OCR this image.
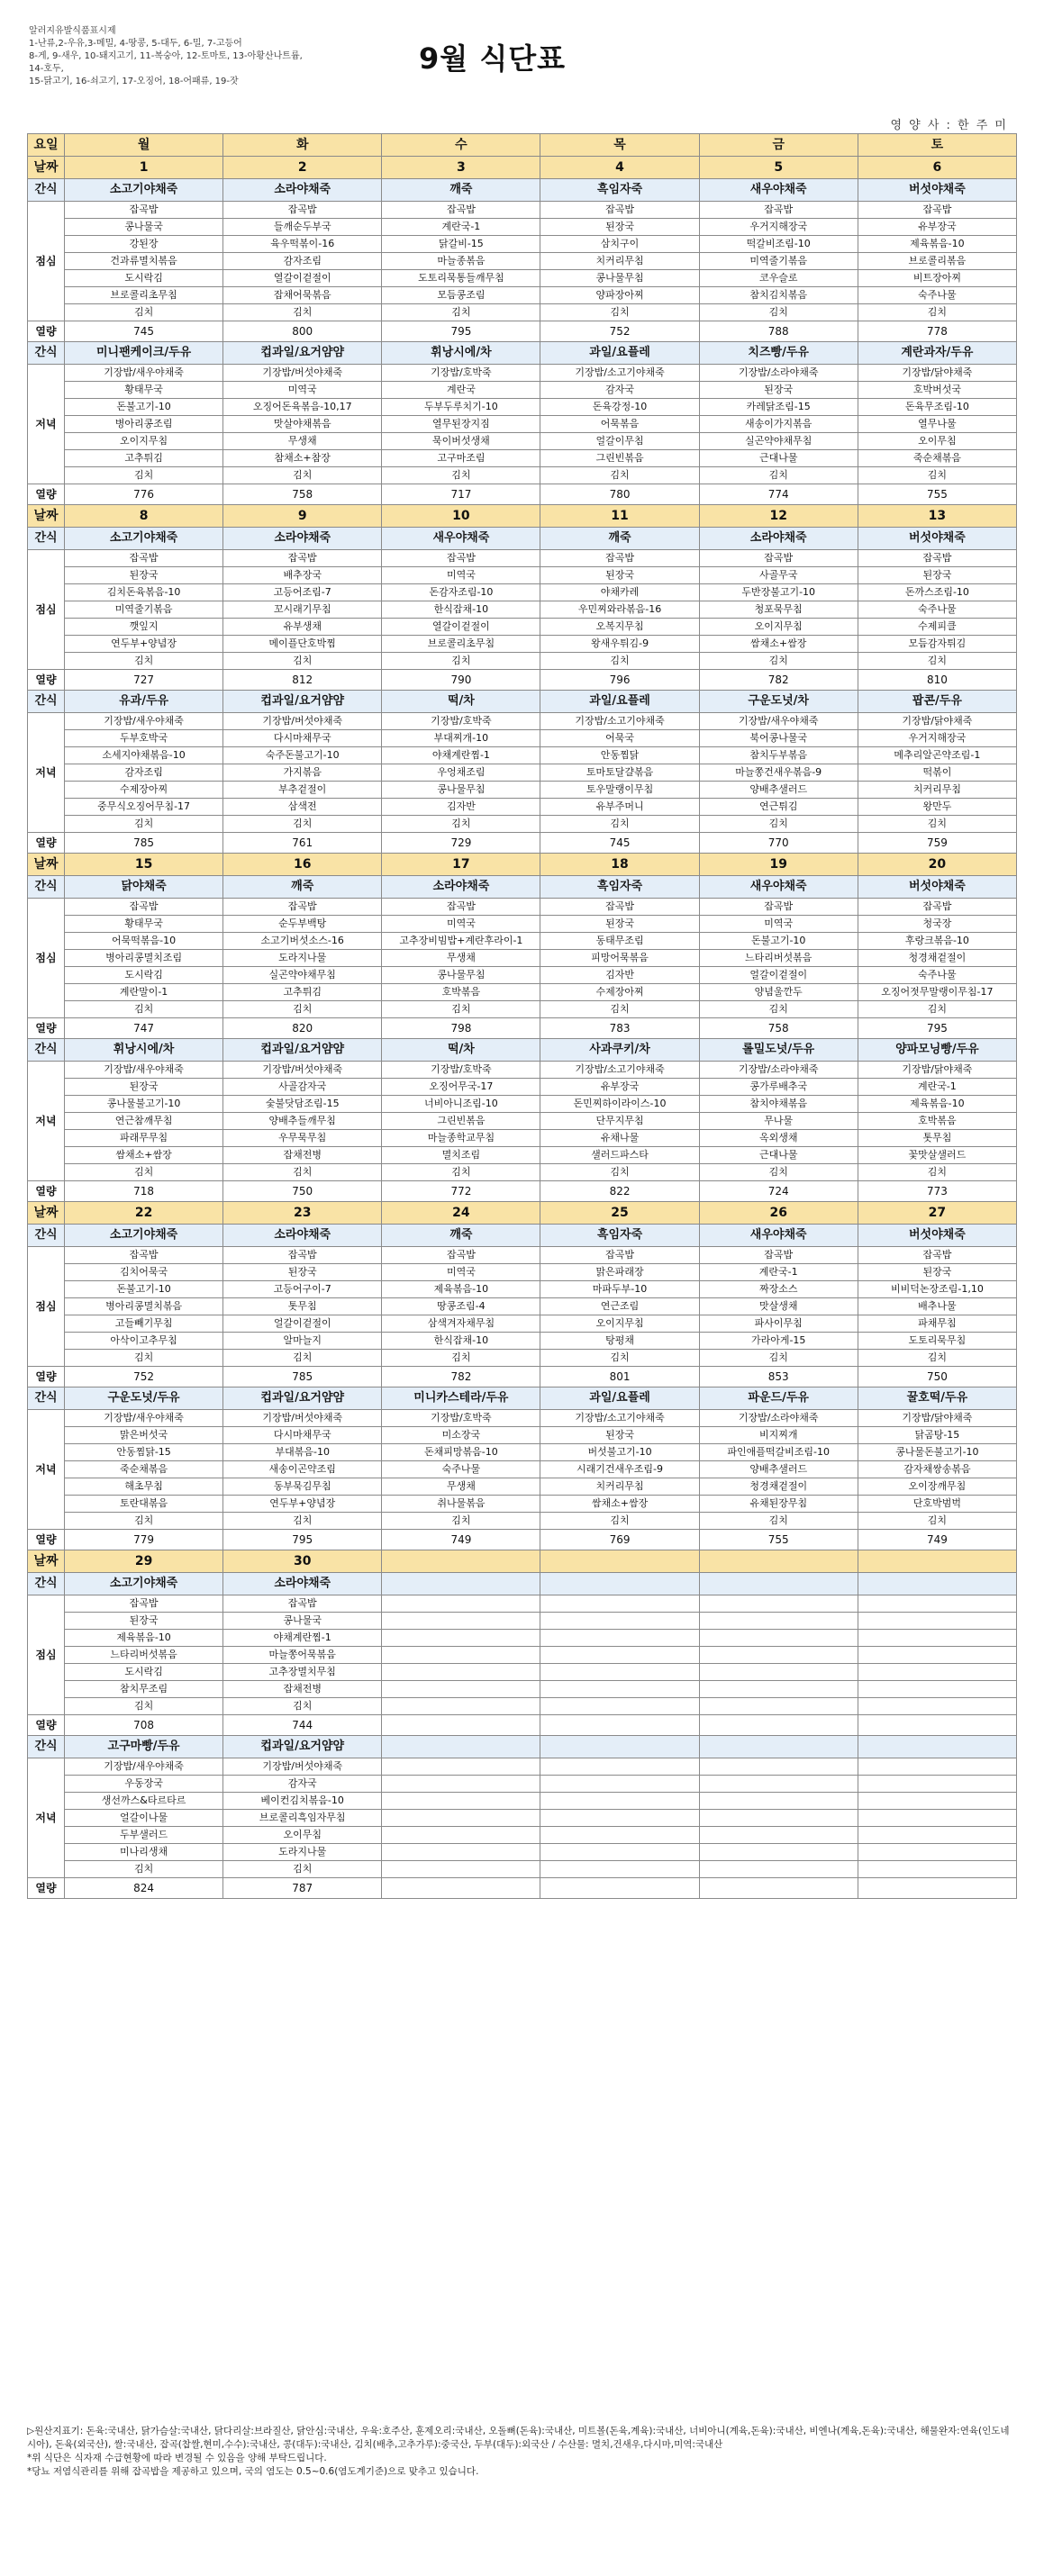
알러지유발식품표시제
1-난류,2-우유,3-메밀, 4-땅콩, 5-대두, 6-밀, 7-고등어
8-게, 9-새우, 10-돼지고기, 11-복숭아, 12-토마토, 13-아황산나트륨,
14-호두,
15-닭고기, 16-쇠고기, 17-오징어, 18-어패류, 19-잣
9월 식단표
영 양 사 : 한 주 미
요일	월	화	수	목	금	토
날짜	1	2	3	4	5	6
간식	소고기야채죽	소라야채죽	깨죽	흑임자죽	새우야채죽	버섯야채죽
점심	잡곡밥	잡곡밥	잡곡밥	잡곡밥	잡곡밥	잡곡밥
	콩나물국	들깨순두부국	계란국-1	된장국	우거지해장국	유부장국
	강된장	육우떡볶이-16	닭갈비-15	삼치구이	떡갈비조림-10	제육볶음-10
	건과류멸치볶음	감자조림	마늘종볶음	치커리무침	미역줄기볶음	브로콜리볶음
	도시락김	열갈이겉절이	도토리묵통들깨무침	콩나물무침	코우슬로	비트장아찌
	브로콜리초무침	잡채어묵볶음	모듬콩조림	양파장아찌	참치김치볶음	숙주나물
	김치	김치	김치	김치	김치	김치
열량	745	800	795	752	788	778
간식	미니팬케이크/두유	컵과일/요거얌얌	휘낭시에/차	과일/요플레	치즈빵/두유	계란과자/두유
저녁	기장밥/새우야채죽	기장밥/버섯야채죽	기장밥/호박죽	기장밥/소고기야채죽	기장밥/소라야채죽	기장밥/닭야채죽
	황태무국	미역국	계란국	감자국	된장국	호박버섯국
	돈불고기-10	오징어돈육볶음-10,17	두부두루치기-10	돈육강정-10	카레닭조림-15	돈육무조림-10
	병아리콩조림	맛살야채볶음	열무된장지짐	어묵볶음	새송이가지볶음	열무나물
	오이지무침	무생채	묵이버섯생채	얼갈이무침	실곤약야채무침	오이무침
	고추튀김	참채소+참장	고구마조림	그린빈볶음	근대나물	죽순채볶음
	김치	김치	김치	김치	김치	김치
열량	776	758	717	780	774	755
날짜	8	9	10	11	12	13
간식	소고기야채죽	소라야채죽	새우야채죽	깨죽	소라야채죽	버섯야채죽
점심	잡곡밥	잡곡밥	잡곡밥	잡곡밥	잡곡밥	잡곡밥
	된장국	배추장국	미역국	된장국	사골무국	된장국
	김치돈육볶음-10	고등어조림-7	돈감자조림-10	야채카레	두반장불고기-10	돈까스조림-10
	미역줄기볶음	꼬시래기무침	한식잡채-10	우민찌와라볶음-16	청포묵무침	숙주나물
	깻잎지	유부생채	열갈이겉절이	오복지무침	오이지무침	수제피클
	연두부+양념장	메이플단호박찜	브로콜리초무침	왕새우튀김-9	쌈채소+쌈장	모듬감자튀김
	김치	김치	김치	김치	김치	김치
열량	727	812	790	796	782	810
간식	유과/두유	컵과일/요거얌얌	떡/차	과일/요플레	구운도넛/차	팝콘/두유
저녁	기장밥/새우야채죽	기장밥/버섯야채죽	기장밥/호박죽	기장밥/소고기야채죽	기장밥/새우야채죽	기장밥/닭야채죽
	두부호박국	다시마채무국	부대찌개-10	어묵국	북어콩나물국	우거지해장국
	소세지야채볶음-10	숙주돈불고기-10	야채계란찜-1	안동찜닭	참치두부볶음	메추리알곤약조림-1
	감자조림	가지볶음	우엉채조림	토마토달걀볶음	마늘쫑건새우볶음-9	떡볶이
	수제장아찌	부추겉절이	콩나물무침	토우말랭이무침	양배추샐러드	치커리무침
	중무식오징어무침-17	삼색전	김자반	유부주머니	연근튀김	왕만두
	김치	김치	김치	김치	김치	김치
열량	785	761	729	745	770	759
날짜	15	16	17	18	19	20
간식	닭야채죽	깨죽	소라야채죽	흑임자죽	새우야채죽	버섯야채죽
점심	잡곡밥	잡곡밥	잡곡밥	잡곡밥	잡곡밥	잡곡밥
	황태무국	순두부백탕	미역국	된장국	미역국	청국장
	어묵떡볶음-10	소고기버섯소스-16	고추장비빔밥+계란후라이-1	동태무조림	돈불고기-10	후랑크볶음-10
	병아리콩멸치조림	도라지나물	무생채	피망어묵볶음	느타리버섯볶음	청경채겉절이
	도시락김	실곤약야채무침	콩나물무침	김자반	얼갈이겉절이	숙주나물
	계란말이-1	고추튀김	호박볶음	수제장아찌	양념울깐두	오징어젓무말랭이무침-17
	김치	김치	김치	김치	김치	김치
열량	747	820	798	783	758	795
간식	휘낭시에/차	컵과일/요거얌얌	떡/차	사과쿠키/차	롤밀도넛/두유	양파모닝빵/두유
저녁	기장밥/새우야채죽	기장밥/버섯야채죽	기장밥/호박죽	기장밥/소고기야채죽	기장밥/소라야채죽	기장밥/닭야채죽
	된장국	사골감자국	오징어무국-17	유부장국	콩가루배추국	계란국-1
	콩나물불고기-10	숯불닷담조림-15	너비아니조림-10	돈민찌하이라이스-10	참치야채볶음	제육볶음-10
	연근참깨무침	양배추들깨무침	그린빈볶음	단무지무침	무나물	호박볶음
	파래무무침	우무묵무침	마늘종학교무침	유채나물	옥외생채	톳무침
	쌈채소+쌈장	잡채전병	멸치조림	샐러드파스타	근대나물	꽃맛살샐러드
	김치	김치	김치	김치	김치	김치
열량	718	750	772	822	724	773
날짜	22	23	24	25	26	27
간식	소고기야채죽	소라야채죽	깨죽	흑임자죽	새우야채죽	버섯야채죽
점심	잡곡밥	잡곡밥	잡곡밥	잡곡밥	잡곡밥	잡곡밥
	김치어묵국	된장국	미역국	맑은파래장	계란국-1	된장국
	돈불고기-10	고등어구이-7	제육볶음-10	마파두부-10	짜장소스	비비덕논장조림-1,10
	병아리콩멸치볶음	톳무침	땅콩조림-4	연근조림	맛살생채	배추나물
	고들빼기무침	얼갈이겉절이	삼색겨자채무침	오이지무침	파사이무침	파채무침
	아삭이고추무침	알마늘지	한식잡채-10	탕평채	가라아게-15	도토리묵무침
	김치	김치	김치	김치	김치	김치
열량	752	785	782	801	853	750
간식	구운도넛/두유	컵과일/요거얌얌	미니카스테라/두유	과일/요플레	파운드/두유	꿀호떡/두유
저녁	기장밥/새우야채죽	기장밥/버섯야채죽	기장밥/호박죽	기장밥/소고기야채죽	기장밥/소라야채죽	기장밥/닭야채죽
	맑은버섯국	다시마채무국	미소장국	된장국	비지찌개	닭곰탕-15
	안동찜닭-15	부대볶음-10	돈채피망볶음-10	버섯불고기-10	파인애플떡갈비조림-10	콩나물돈불고기-10
	죽순채볶음	새송이곤약조림	숙주나물	시래기건새우조림-9	양배추샐러드	감자채쌍송볶음
	해초무침	동부묵김무침	무생채	치커리무침	청경채겉절이	오이장깨무침
	토란대볶음	연두부+양념장	취나물볶음	쌈채소+쌈장	유채된장무침	단호박범벅
	김치	김치	김치	김치	김치	김치
열량	779	795	749	769	755	749
날짜	29	30				
간식	소고기야채죽	소라야채죽				
점심	잡곡밥	잡곡밥				
	된장국	콩나물국				
	제육볶음-10	야채계란찜-1				
	느타리버섯볶음	마늘쫑어묵볶음				
	도시락김	고추장멸치무침				
	참치무조림	잡채전병				
	김치	김치				
열량	708	744				
간식	고구마빵/두유	컵과일/요거얌얌				
저녁	기장밥/새우야채죽	기장밥/버섯야채죽				
	우동장국	감자국				
	생선까스&타르타르	베이컨김치볶음-10				
	얼갈이나물	브로콜리흑임자무침				
	두부샐러드	오이무침				
	미나리생채	도라지나물				
	김치	김치				
열량	824	787				
▷원산지표기: 돈육:국내산, 닭가슴살:국내산, 닭다리살:브라질산, 닭안심:국내산, 우육:호주산, 훈제오리:국내산, 오돌뼈(돈육):국내산, 미트볼(돈육,계육):국내산, 너비아니(계육,돈육):국내산, 비엔나(계육,돈육):국내산, 해물완자:연육(인도네시아), 돈육(외국산), 쌀:국내산, 잡곡(찹쌀,현미,수수):국내산, 콩(대두):국내산, 김치(배추,고추가루):중국산, 두부(대두):외국산 / 수산물: 멸치,건새우,다시마,미역:국내산
*위 식단은 식자재 수급현황에 따라 변경될 수 있음을 양해 부탁드립니다.
*당뇨 저염식관리를 위해 잡곡밥을 제공하고 있으며, 국의 염도는 0.5~0.6(염도계기준)으로 맞추고 있습니다.
